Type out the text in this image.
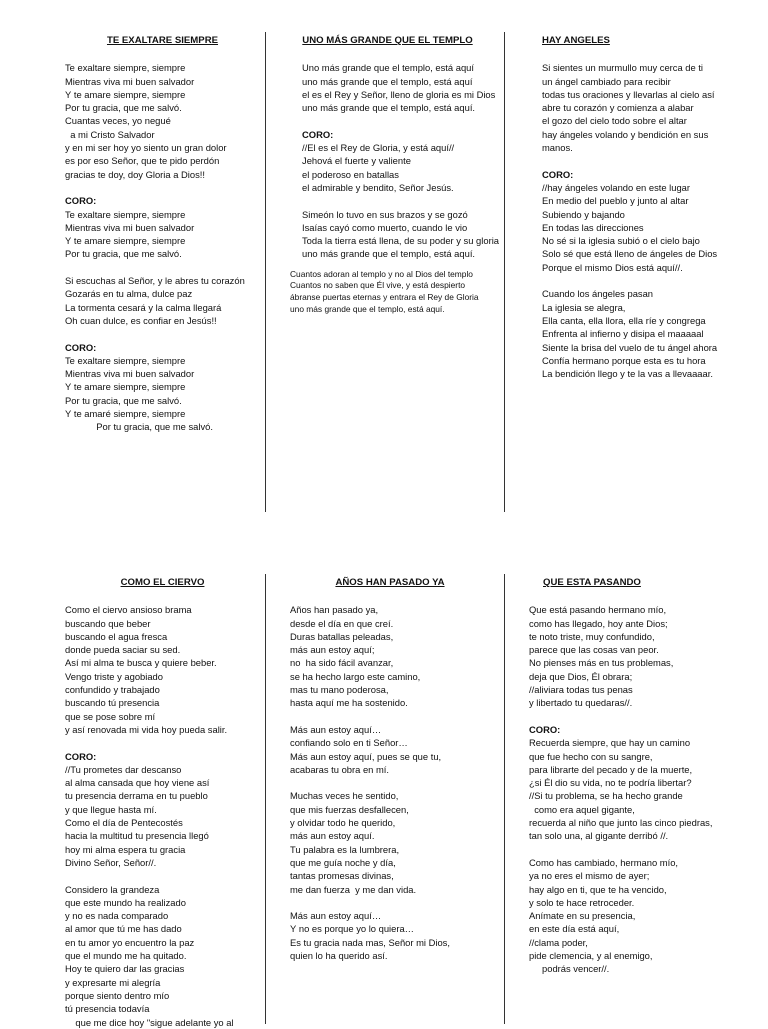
TE EXALTARE SIEMPRE
Te exaltare siempre, siempre
Mientras viva mi buen salvador
Y te amare siempre, siempre
Por tu gracia, que me salvó.
Cuantas veces, yo negué
a mi Cristo Salvador
y en mi ser hoy yo siento un gran dolor
es por eso Señor, que te pido perdón
gracias te doy, doy Gloria a Dios!!
CORO:
Te exaltare siempre, siempre
Mientras viva mi buen salvador
Y te amare siempre, siempre
Por tu gracia, que me salvó.
Si escuchas al Señor, y le abres tu corazón
Gozarás en tu alma, dulce paz
La tormenta cesará y la calma llegará
Oh cuan dulce, es confiar en Jesús!!
CORO:
Te exaltare siempre, siempre
Mientras viva mi buen salvador
Y te amare siempre, siempre
Por tu gracia, que me salvó.
Y te amaré siempre, siempre
Por tu gracia, que me salvó.
UNO MÁS GRANDE QUE EL TEMPLO
Uno más grande que el templo, está aquí
uno más grande que el templo, está aquí
el es el Rey y Señor, lleno de gloria es mi Dios
uno más grande que el templo, está aquí.
CORO:
//El es el Rey de Gloria, y está aquí//
Jehová el fuerte y valiente
el poderoso en batallas
el admirable y bendito, Señor Jesús.
Simeón lo tuvo en sus brazos y se gozó
Isaías cayó como muerto, cuando le vio
Toda la tierra está llena, de su poder y su gloria
uno más grande que el templo, está aquí.
Cuantos adoran al templo y no al Dios del templo
Cuantos no saben que Él vive, y está despierto
ábranse puertas eternas y entrara el Rey de Gloria
uno más grande que el templo, está aquí.
HAY ANGELES
Si sientes un murmullo muy cerca de ti
un ángel cambiado para recibir
todas tus oraciones y llevarlas al cielo así
abre tu corazón y comienza a alabar
el gozo del cielo todo sobre el altar
hay ángeles volando y bendición en sus
manos.
CORO:
//hay ángeles volando en este lugar
En medio del pueblo y junto al altar
Subiendo y bajando
En todas las direcciones
No sé si la iglesia subió o el cielo bajo
Solo sé que está lleno de ángeles de Dios
Porque el mismo Dios está aquí//.
Cuando los ángeles pasan
La iglesia se alegra,
Ella canta, ella llora, ella ríe y congrega
Enfrenta al infierno y disipa el maaaaal
Siente la brisa del vuelo de tu ángel ahora
Confía hermano porque esta es tu hora
La bendición llego y te la vas a llevaaaar.
COMO EL CIERVO
Como el ciervo ansioso brama
buscando que beber
buscando el agua fresca
donde pueda saciar su sed.
Así mi alma te busca y quiere beber.
Vengo triste y agobiado
confundido y trabajado
buscando tú presencia
que se pose sobre mí
y así renovada mi vida hoy pueda salir.
CORO:
//Tu prometes dar descanso
al alma cansada que hoy viene así
tu presencia derrama en tu pueblo
y que llegue hasta mí.
Como el día de Pentecostés
hacia la multitud tu presencia llegó
hoy mi alma espera tu gracia
Divino Señor, Señor//.
Considero la grandeza
que este mundo ha realizado
y no es nada comparado
al amor que tú me has dado
en tu amor yo encuentro la paz
que el mundo me ha quitado.
Hoy te quiero dar las gracias
y expresarte mi alegría
porque siento dentro mío
tú presencia todavía
que me dice hoy "sigue adelante yo al
AÑOS HAN PASADO YA
Años han pasado ya,
desde el día en que creí.
Duras batallas peleadas,
más aun estoy aquí;
no  ha sido fácil avanzar,
se ha hecho largo este camino,
mas tu mano poderosa,
hasta aquí me ha sostenido.
Más aun estoy aquí…
confiando solo en ti Señor…
Más aun estoy aquí, pues se que tu,
acabaras tu obra en mí.
Muchas veces he sentido,
que mis fuerzas desfallecen,
y olvidar todo he querido,
más aun estoy aquí.
Tu palabra es la lumbrera,
que me guía noche y día,
tantas promesas divinas,
me dan fuerza  y me dan vida.
Más aun estoy aquí…
Y no es porque yo lo quiera…
Es tu gracia nada mas, Señor mi Dios,
quien lo ha querido así.
QUE ESTA PASANDO
Que está pasando hermano mío,
como has llegado, hoy ante Dios;
te noto triste, muy confundido,
parece que las cosas van peor.
No pienses más en tus problemas,
deja que Dios, Él obrara;
//aliviara todas tus penas
y libertado tu quedaras//.
CORO:
Recuerda siempre, que hay un camino
que fue hecho con su sangre,
para librarte del pecado y de la muerte,
¿si Él dio su vida, no te podría libertar?
//Si tu problema, se ha hecho grande
como era aquel gigante,
recuerda al niño que junto las cinco piedras,
tan solo una, al gigante derribó //.
Como has cambiado, hermano mío,
ya no eres el mismo de ayer;
hay algo en ti, que te ha vencido,
y solo te hace retroceder.
Anímate en su presencia,
en este día está aquí,
//clama poder,
pide clemencia, y al enemigo,
podrás vencer//.
